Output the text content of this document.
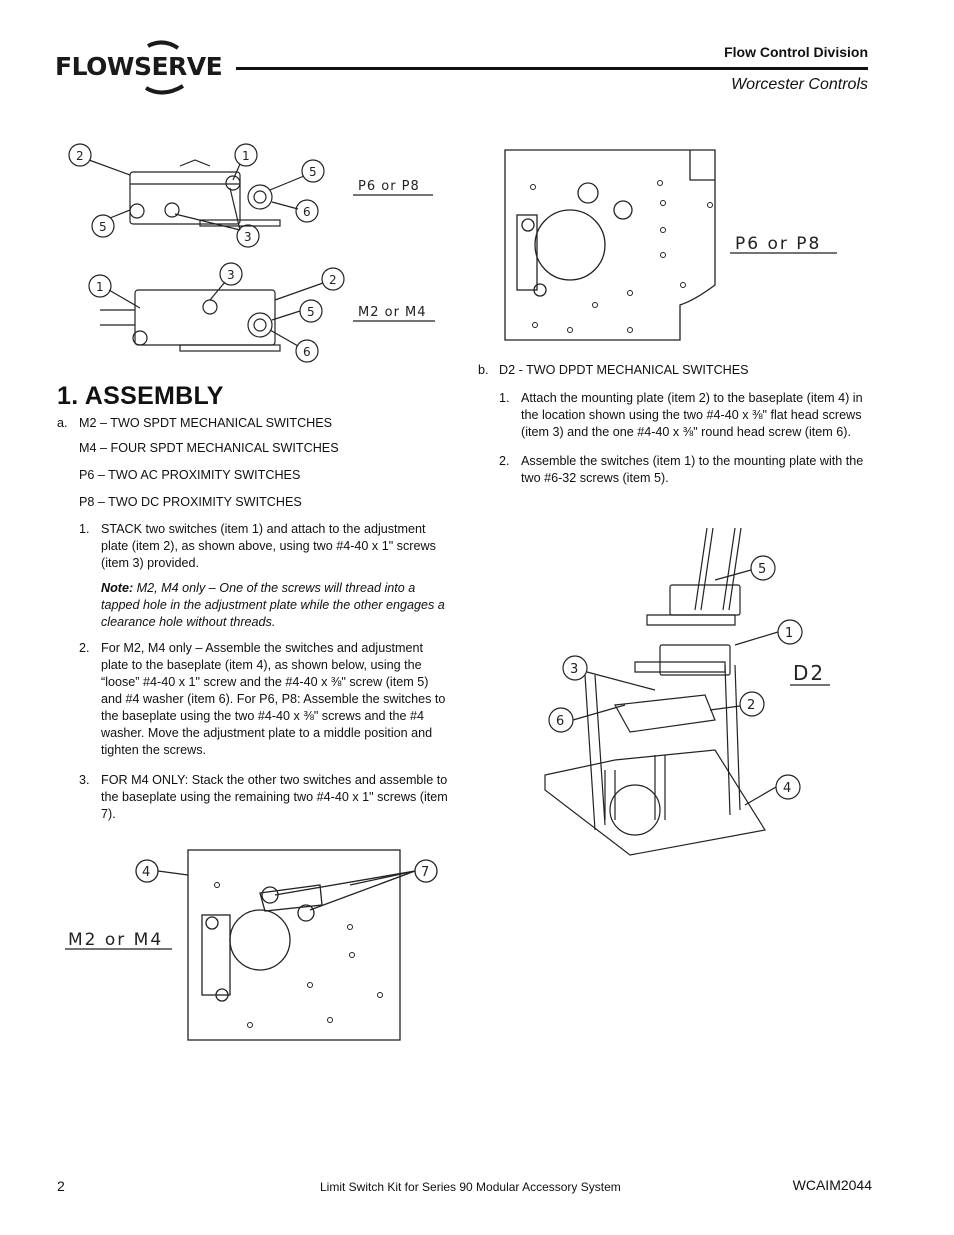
FLOWSERVE	Flow Control Division
Worcester Controls
2	1
5
5
6
3
1
3	2
5
6
P6 or P8
M2 or M4
P6 or P8
1. ASSEMBLY
a. M2 – TWO SPDT MECHANICAL SWITCHES
M4 – FOUR SPDT MECHANICAL SWITCHES
P6 – TWO AC PROXIMITY SWITCHES
P8 – TWO DC PROXIMITY SWITCHES
1. STACK two switches (item 1) and attach to the adjustment plate (item 2), as shown above, using two #4-40 x 1" screws (item 3) provided.
Note: M2, M4 only – One of the screws will thread into a tapped hole in the adjustment plate while the other engages a clearance hole without threads.
2. For M2, M4 only – Assemble the switches and adjustment plate to the baseplate (item 4), as shown below, using the “loose” #4-40 x 1" screw and the #4-40 x ⅜" screw (item 5) and #4 washer (item 6). For P6, P8: Assemble the switches to the baseplate using the two #4-40 x ⅜" screws and the #4 washer. Move the adjustment plate to a middle position and tighten the screws.
3. FOR M4 ONLY: Stack the other two switches and assemble to the baseplate using the remaining two #4-40 x 1" screws (item 7).
b. D2 - TWO DPDT MECHANICAL SWITCHES
1. Attach the mounting plate (item 2) to the baseplate (item 4) in the location shown using the two #4-40 x ⅜" flat head screws (item 3) and the one #4-40 x ⅜" round head screw (item 6).
2. Assemble the switches (item 1) to the mounting plate with the two #6-32 screws (item 5).
5
1
3
2
6
4
D2
4	7
M2 or M4
2	Limit Switch Kit for Series 90 Modular Accessory System	WCAIM2044
